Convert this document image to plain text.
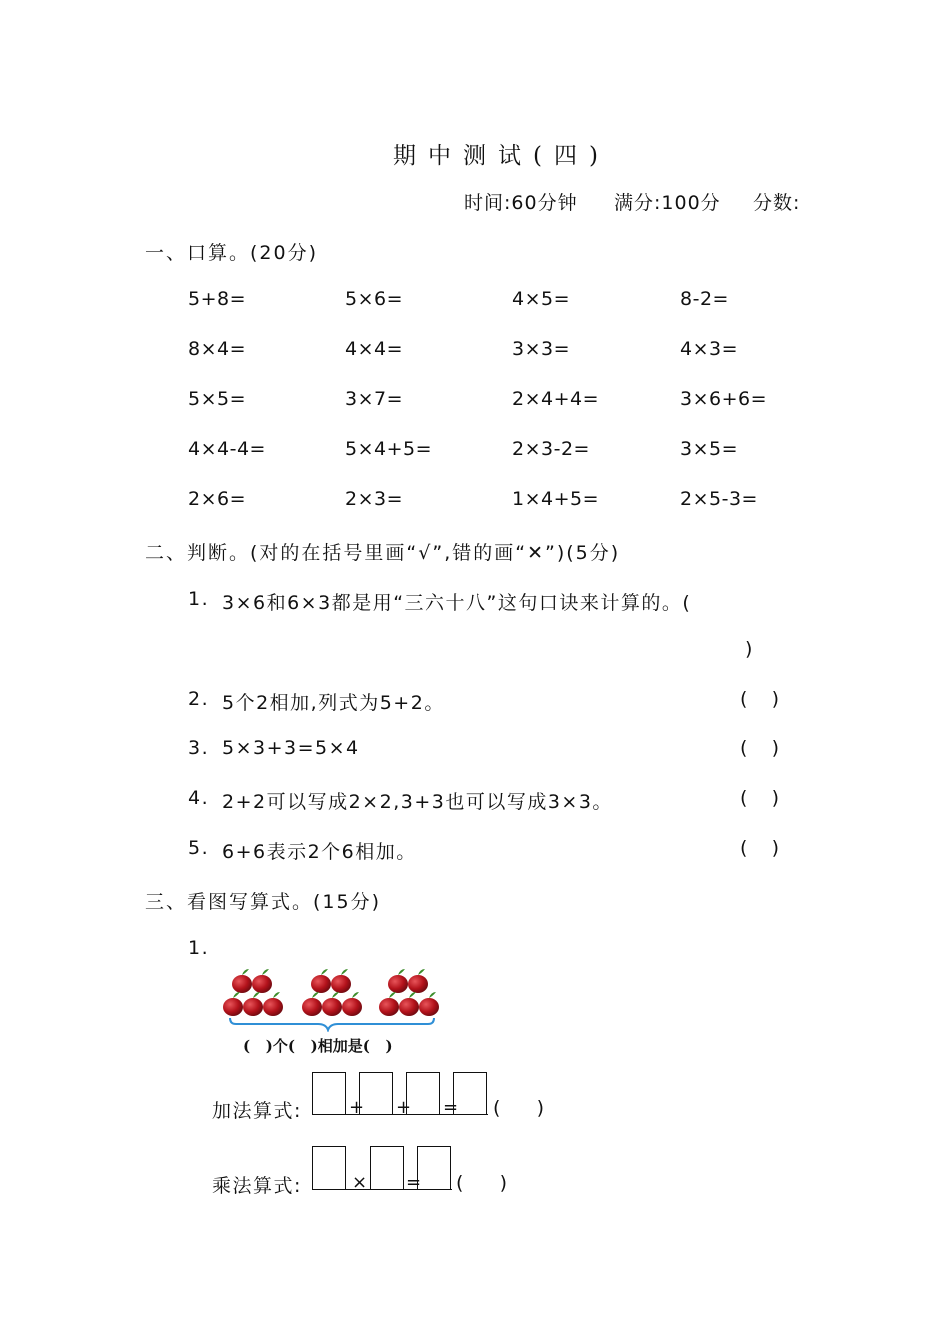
期中测试(四)
时间:60分钟 满分:100分 分数:
一、口算。(20分)
5+8=	5×6=	4×5=	8-2=
8×4=	4×4=	3×3=	4×3=
5×5=	3×7=	2×4+4=	3×6+6=
4×4-4=	5×4+5=	2×3-2=	3×5=
2×6=	2×3=	1×4+5=	2×5-3=
二、判断。(对的在括号里画“√”,错的画“✕”)(5分)
1. 3×6和6×3都是用“三六十八”这句口诀来计算的。(
)
2. 5个2相加,列式为5+2。	(    )
3. 5×3+3=5×4	(    )
4. 2+2可以写成2×2,3+3也可以写成3×3。	(    )
5. 6+6表示2个6相加。	(    )
三、看图写算式。(15分)
1.
(   )个(   )相加是(   )
加法算式:	+ + = (      )
乘法算式:	× = (      )
